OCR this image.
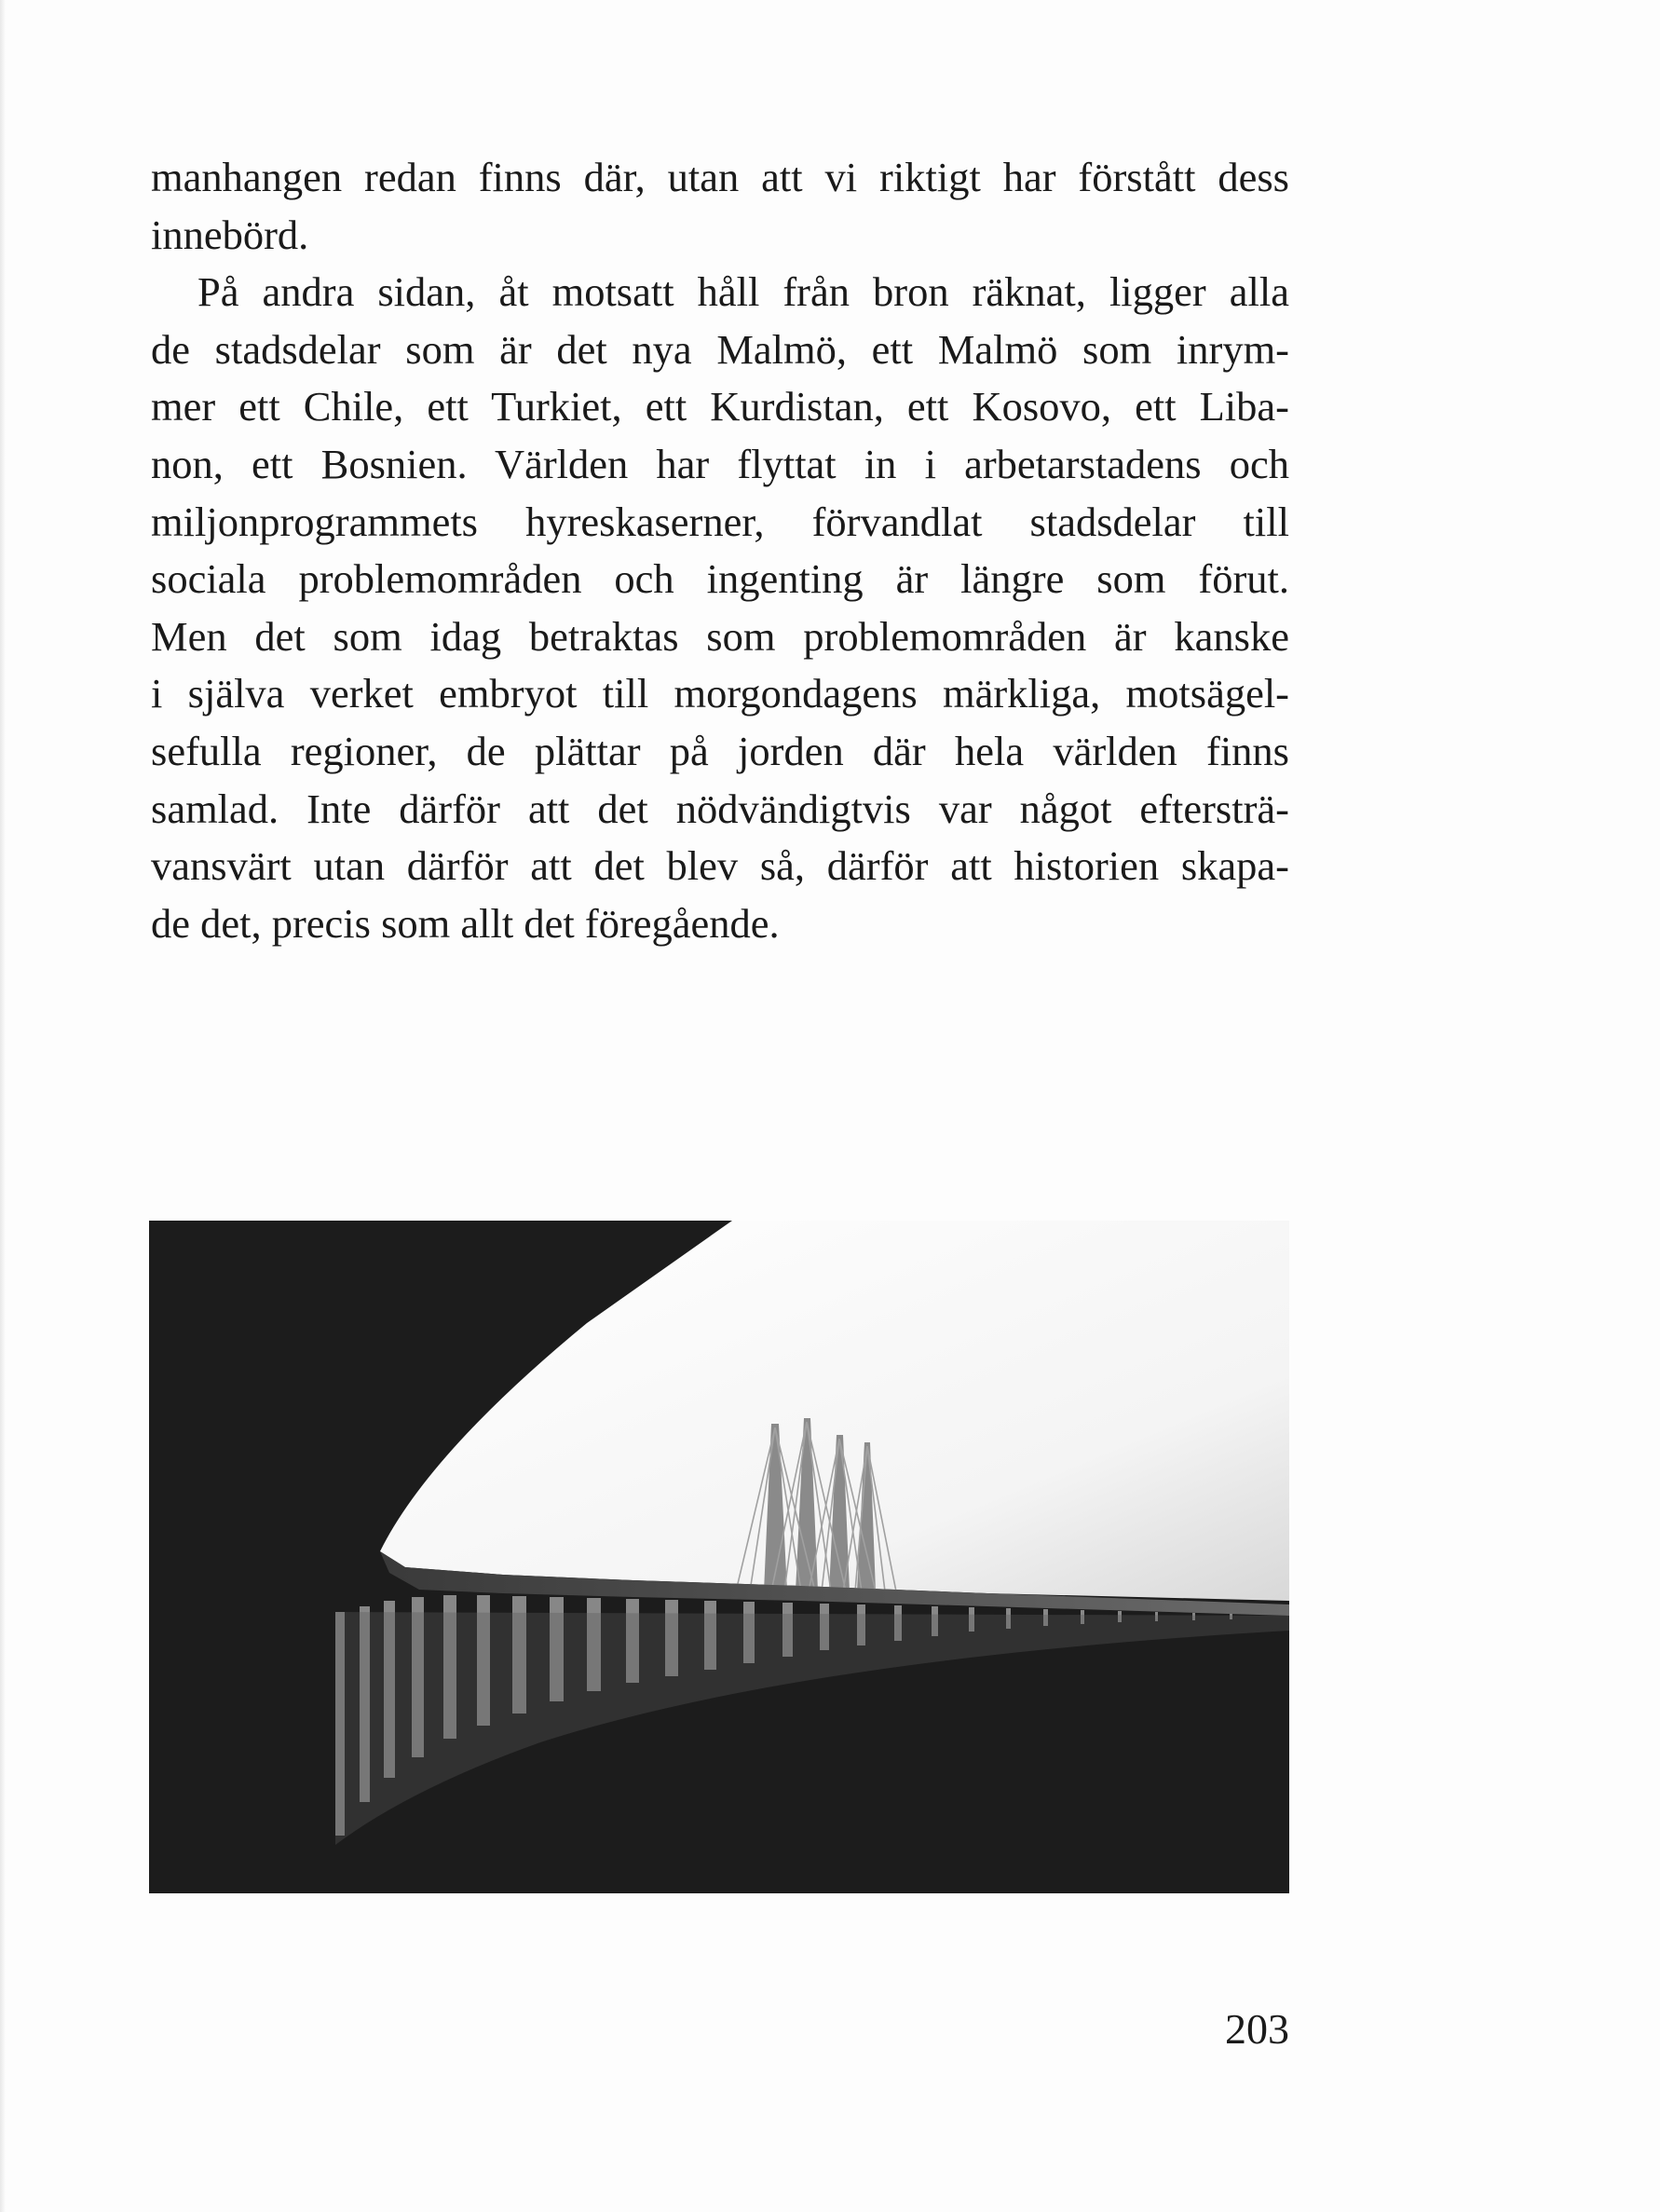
manhangen redan finns där, utan att vi riktigt har förstått dess
innebörd.
På andra sidan, åt motsatt håll från bron räknat, ligger alla
de stadsdelar som är det nya Malmö, ett Malmö som inrym-
mer ett Chile, ett Turkiet, ett Kurdistan, ett Kosovo, ett Liba-
non, ett Bosnien. Världen har flyttat in i arbetarstadens och
miljonprogrammets hyreskaserner, förvandlat stadsdelar till
sociala problemområden och ingenting är längre som förut.
Men det som idag betraktas som problemområden är kanske
i själva verket embryot till morgondagens märkliga, motsägel-
sefulla regioner, de plättar på jorden där hela världen finns
samlad. Inte därför att det nödvändigtvis var något eftersträ-
vansvärt utan därför att det blev så, därför att historien skapa-
de det, precis som allt det föregående.
203
